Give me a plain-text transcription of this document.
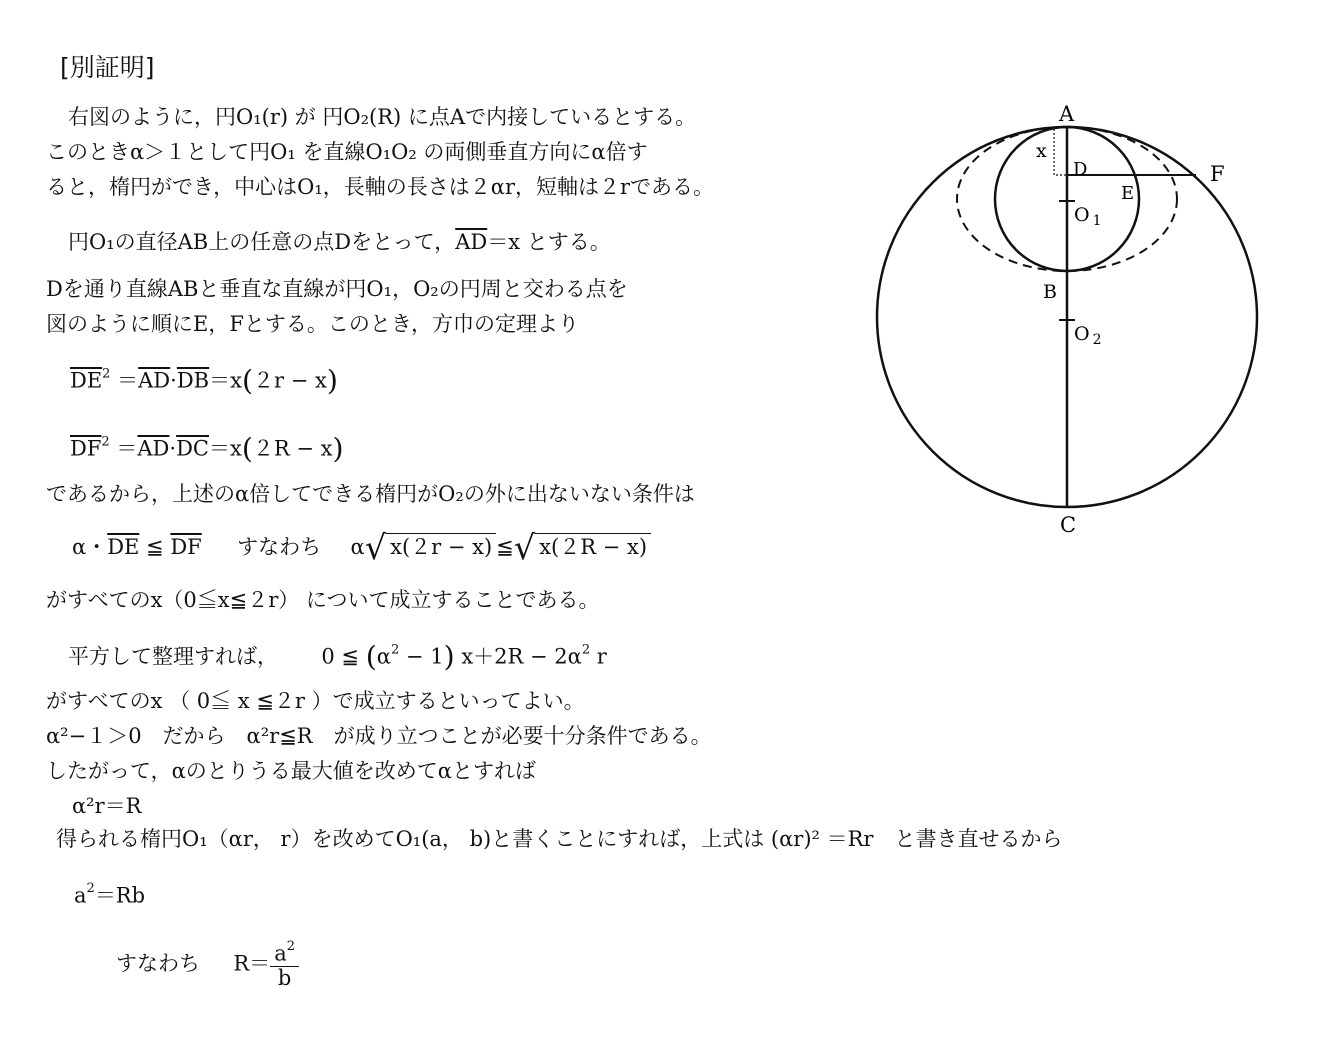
[別証明]
右図のように，円O₁(r) が 円O₂(R) に点Aで内接しているとする。
このときα＞１として円O₁ を直線O₁O₂ の両側垂直方向にα倍す
ると，楕円ができ，中心はO₁，長軸の長さは２αr，短軸は２rである。
円O₁の直径AB上の任意の点Dをとって，$\overline{AD}=x$ とする。
Dを通り直線ABと垂直な直線が円O₁，O₂の円周と交わる点を
図のように順にE，Fとする。このとき，方巾の定理より
$\overline{DE}^2 =\overline{AD}\cdot\overline{DB}=x(2r - x)$
$\overline{DF}^2 =\overline{AD}\cdot\overline{DC}=x(2R - x)$
であるから，上述のα倍してできる楕円がO₂の外に出ないない条件は
α・$\overline{DE}$ ≦ $\overline{DF}$ すなわち α√ x(２r − x) ≦√ x(２R − x)
がすべてのx（0≦x≦２r） について成立することである。
平方して整理すれば， 0 ≦ $(\alpha^2 - 1) x+2R - 2\alpha^2$ r
がすべてのx （ 0≦ x ≦２r ）で成立するといってよい。
α²−１＞0　だから　α²r≦R　が成り立つことが必要十分条件である。
したがって，αのとりうる最大値を改めてαとすれば
α²r＝R
得られる楕円O₁（αr， r）を改めてO₁(a， b)と書くことにすれば，上式は (αr)² ＝Rr　と書き直せるから
$a^2=Rb$
すなわち $R= \frac{a^2}{b}$
A
x
D	F
E
O $_1$
B
O $_2$
C
